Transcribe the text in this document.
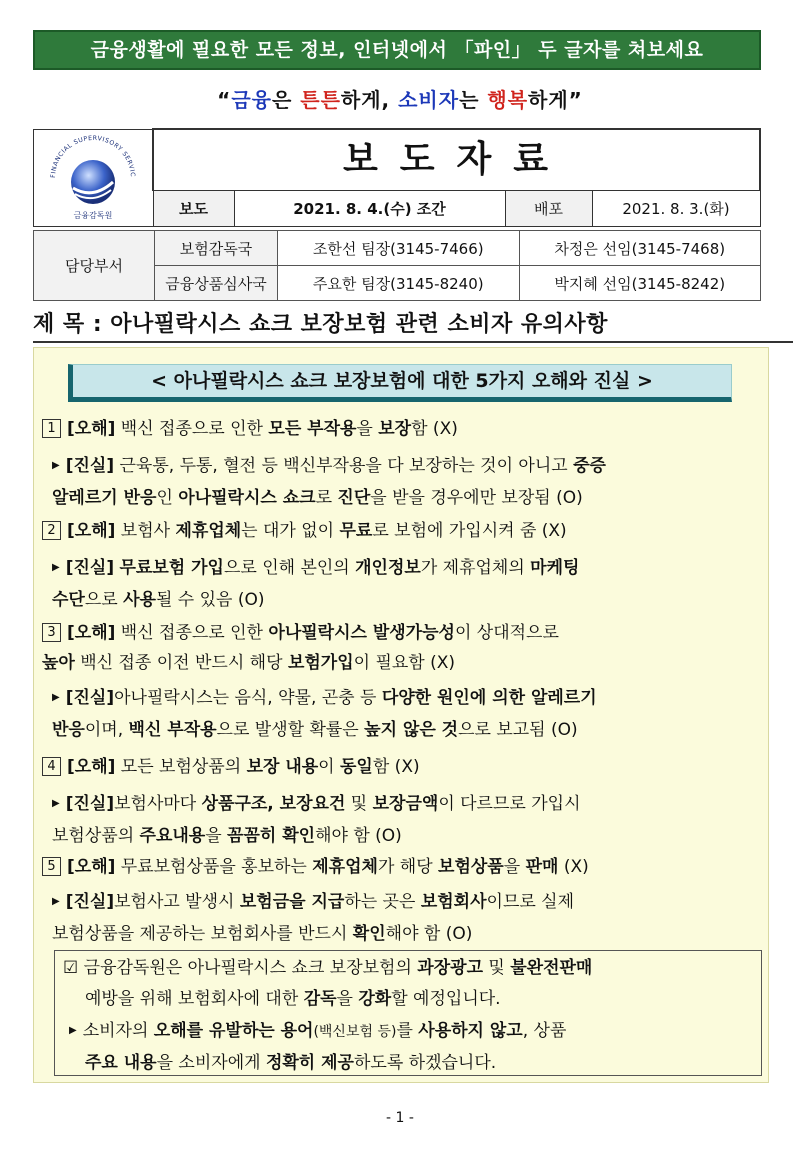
금융생활에 필요한 모든 정보, 인터넷에서 「파인」 두 글자를 쳐보세요
“금융은 튼튼하게, 소비자는 행복하게”
FINANCIAL SUPERVISORY SERVIC
금융감독원	보도자료			
	보도	2021. 8. 4.(수) 조간	배포	2021. 8. 3.(화)
담당부서	보험감독국	조한선 팀장(3145-7466)	차정은 선임(3145-7468)
	금융상품심사국	주요한 팀장(3145-8240)	박지혜 선임(3145-8242)
제 목 : 아나필락시스 쇼크 보장보험 관련 소비자 유의사항
< 아나필락시스 쇼크 보장보험에 대한 5가지 오해와 진실 >
1 [오해] 백신 접종으로 인한 모든 부작용을 보장함 (X)
▶ [진실] 근육통, 두통, 혈전 등 백신부작용을 다 보장하는 것이 아니고 중증
알레르기 반응인 아나필락시스 쇼크로 진단을 받을 경우에만 보장됨 (O)
2 [오해] 보험사 제휴업체는 대가 없이 무료로 보험에 가입시켜 줌 (X)
▶ [진실] 무료보험 가입으로 인해 본인의 개인정보가 제휴업체의 마케팅
수단으로 사용될 수 있음 (O)
3 [오해] 백신 접종으로 인한 아나필락시스 발생가능성이 상대적으로
높아 백신 접종 이전 반드시 해당 보험가입이 필요함 (X)
▶ [진실]아나필락시스는 음식, 약물, 곤충 등 다양한 원인에 의한 알레르기
반응이며, 백신 부작용으로 발생할 확률은 높지 않은 것으로 보고됨 (O)
4 [오해] 모든 보험상품의 보장 내용이 동일함 (X)
▶ [진실]보험사마다 상품구조, 보장요건 및 보장금액이 다르므로 가입시
보험상품의 주요내용을 꼼꼼히 확인해야 함 (O)
5 [오해] 무료보험상품을 홍보하는 제휴업체가 해당 보험상품을 판매 (X)
▶ [진실]보험사고 발생시 보험금을 지급하는 곳은 보험회사이므로 실제
보험상품을 제공하는 보험회사를 반드시 확인해야 함 (O)

☑ 금융감독원은 아나필락시스 쇼크 보장보험의 과장광고 및 불완전판매

예방을 위해 보험회사에 대한 감독을 강화할 예정입니다.

▶ 소비자의 오해를 유발하는 용어(백신보험 등)를 사용하지 않고, 상품

주요 내용을 소비자에게 정확히 제공하도록 하겠습니다.

- 1 -
